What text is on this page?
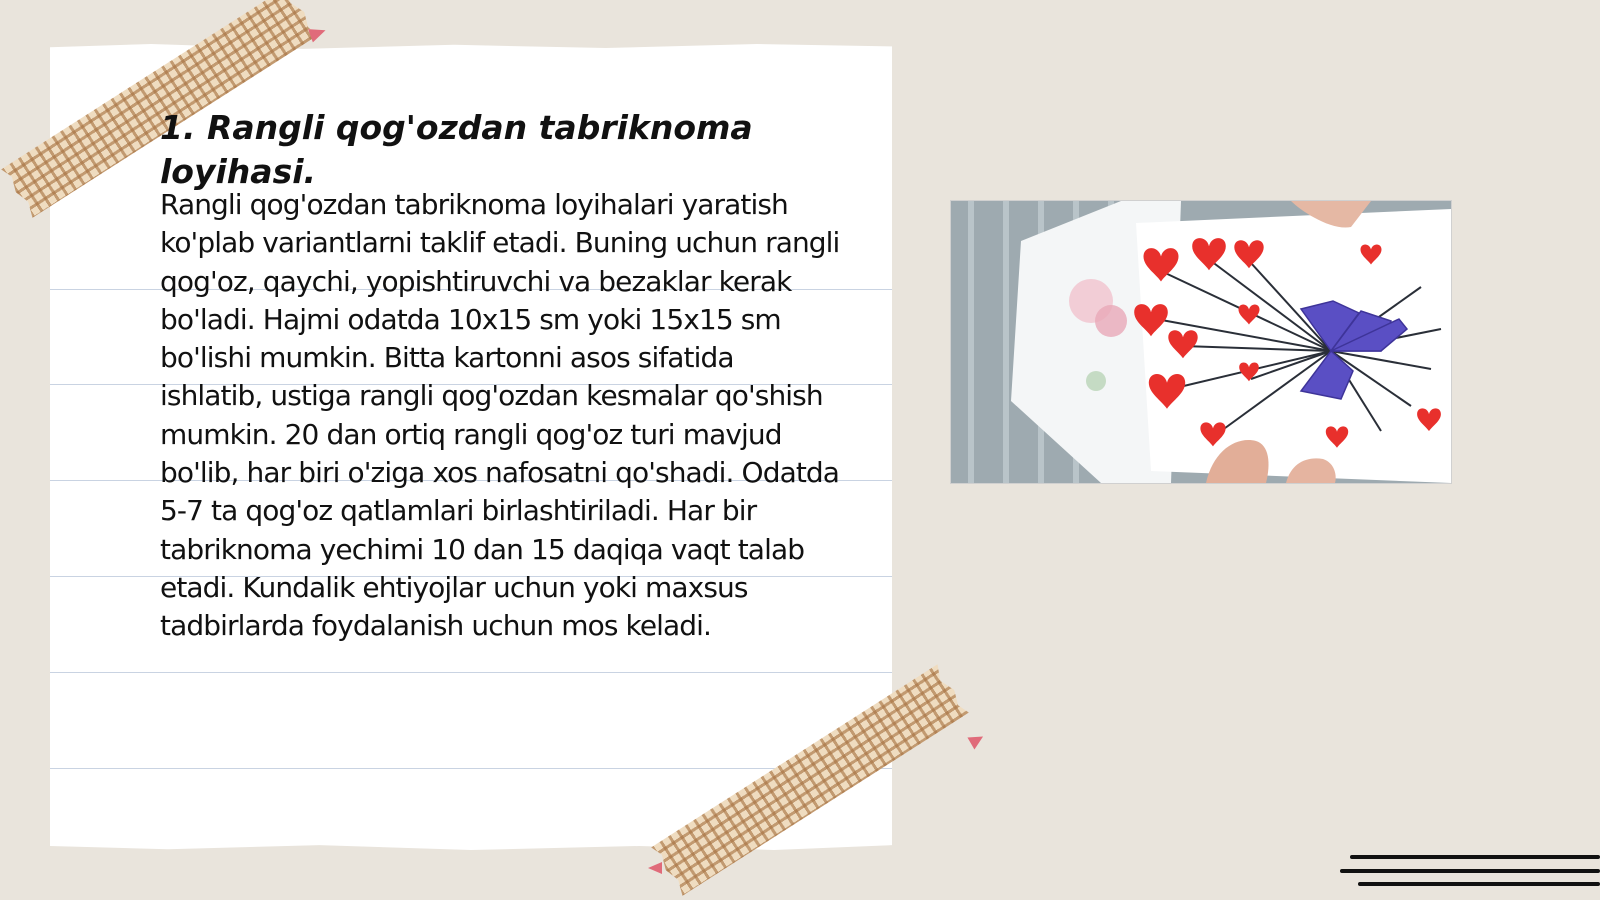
1. Rangli qog'ozdan tabriknoma loyihasi.

Rangli qog'ozdan tabriknoma loyihalari yaratish ko'plab variantlarni taklif etadi. Buning uchun rangli qog'oz, qaychi, yopishtiruvchi va bezaklar kerak bo'ladi. Hajmi odatda 10x15 sm yoki 15x15 sm bo'lishi mumkin. Bitta kartonni asos sifatida ishlatib, ustiga rangli qog'ozdan kesmalar qo'shish mumkin. 20 dan ortiq rangli qog'oz turi mavjud bo'lib, har biri o'ziga xos nafosatni qo'shadi. Odatda 5-7 ta qog'oz qatlamlari birlashtiriladi. Har bir tabriknoma yechimi 10 dan 15 daqiqa vaqt talab etadi. Kundalik ehtiyojlar uchun yoki maxsus tadbirlarda foydalanish uchun mos keladi.
